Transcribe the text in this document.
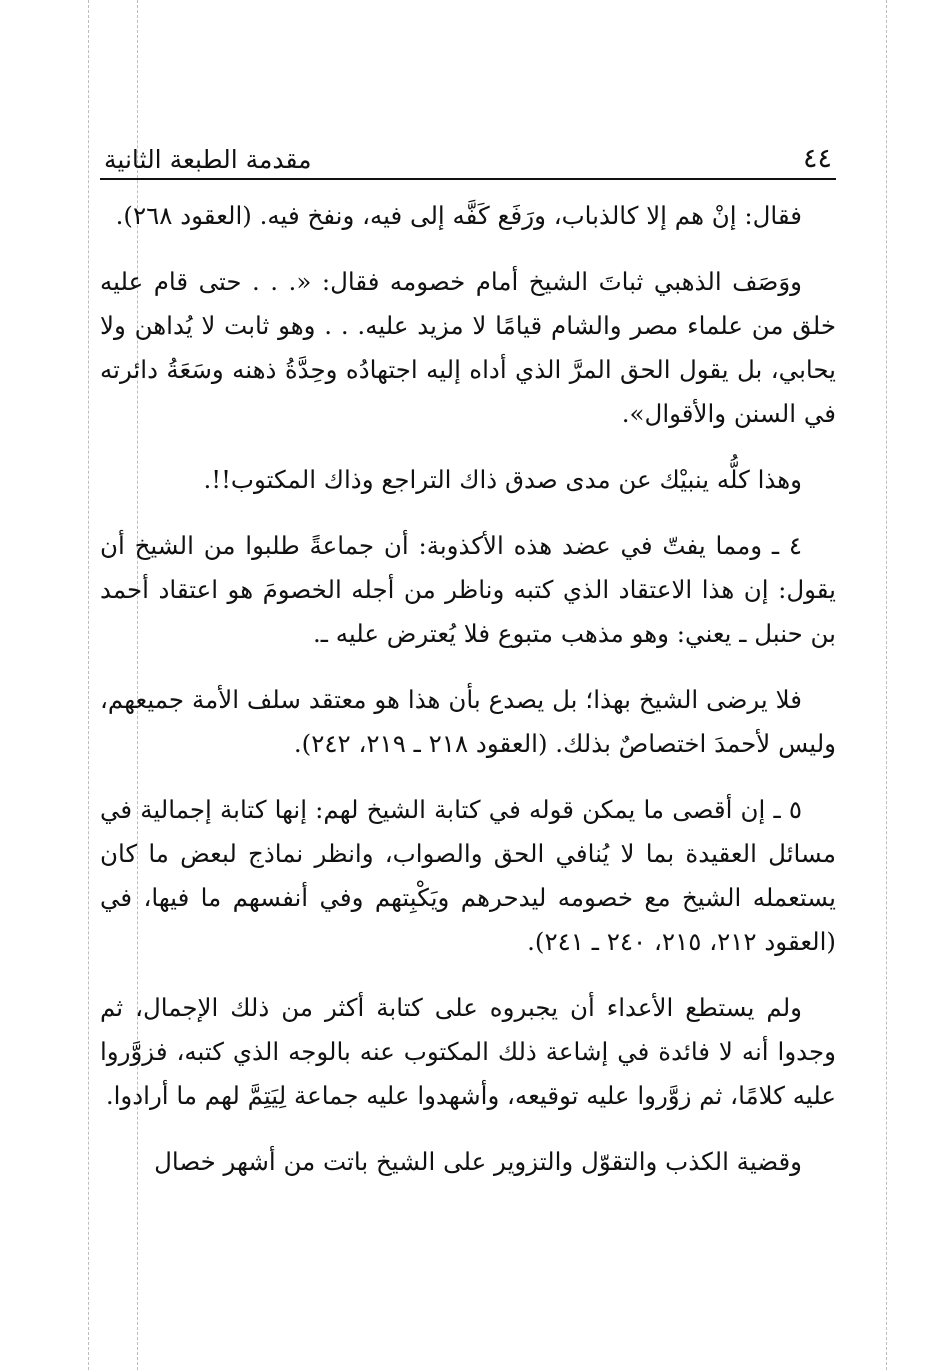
٤٤
مقدمة الطبعة الثانية

فقال: إنْ هم إلا كالذباب، ورَفَع كَفَّه إلى فيه، ونفخ فيه. (العقود ٢٦٨).

ووَصَف الذهبي ثباتَ الشيخ أمام خصومه فقال: «. . . حتى قام عليه خلق من علماء مصر والشام قيامًا لا مزيد عليه. . . وهو ثابت لا يُداهن ولا يحابي، بل يقول الحق المرَّ الذي أداه إليه اجتهادُه وحِدَّةُ ذهنه وسَعَةُ دائرته في السنن والأقوال».

وهذا كلُّه ينبيْك عن مدى صدق ذاك التراجع وذاك المكتوب!!.

٤ ـ ومما يفتّ في عضد هذه الأكذوبة: أن جماعةً طلبوا من الشيخ أن يقول: إن هذا الاعتقاد الذي كتبه وناظر من أجله الخصومَ هو اعتقاد أحمد بن حنبل ـ يعني: وهو مذهب متبوع فلا يُعترض عليه ـ.

فلا يرضى الشيخ بهذا؛ بل يصدع بأن هذا هو معتقد سلف الأمة جميعهم، وليس لأحمدَ اختصاصٌ بذلك. (العقود ٢١٨ ـ ٢١٩، ٢٤٢).

٥ ـ إن أقصى ما يمكن قوله في كتابة الشيخ لهم: إنها كتابة إجمالية في مسائل العقيدة بما لا يُنافي الحق والصواب، وانظر نماذج لبعض ما كان يستعمله الشيخ مع خصومه ليدحرهم ويَكْبِتهم وفي أنفسهم ما فيها، في (العقود ٢١٢، ٢١٥، ٢٤٠ ـ ٢٤١).

ولم يستطع الأعداء أن يجبروه على كتابة أكثر من ذلك الإجمال، ثم وجدوا أنه لا فائدة في إشاعة ذلك المكتوب عنه بالوجه الذي كتبه، فزوَّروا عليه كلامًا، ثم زوَّروا عليه توقيعه، وأشهدوا عليه جماعة لِيَتِمَّ لهم ما أرادوا.

وقضية الكذب والتقوّل والتزوير على الشيخ باتت من أشهر خصال
